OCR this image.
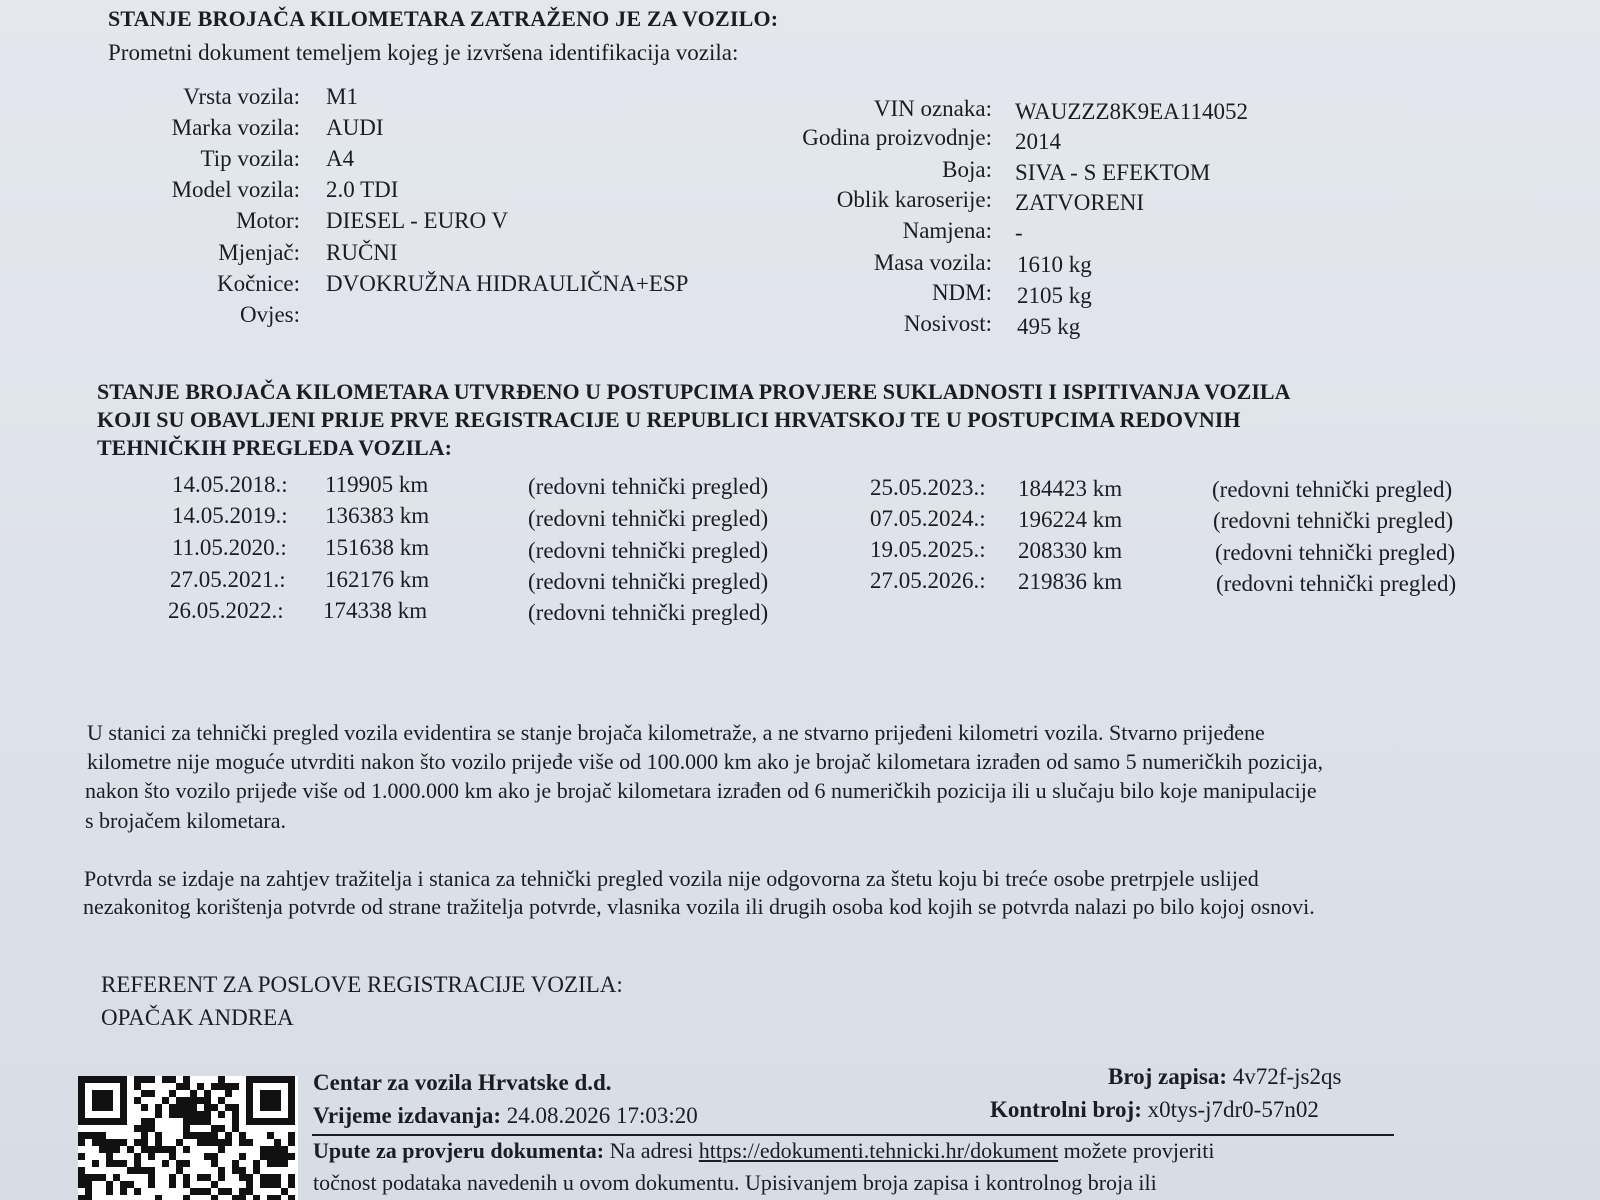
STANJE BROJAČA KILOMETARA ZATRAŽENO JE ZA VOZILO:
Prometni dokument temeljem kojeg je izvršena identifikacija vozila:
Vrsta vozila: M1
Marka vozila: AUDI
Tip vozila: A4
Model vozila: 2.0 TDI
Motor: DIESEL - EURO V
Mjenjač: RUČNI
Kočnice: DVOKRUŽNA HIDRAULIČNA+ESP
Ovjes:
VIN oznaka: WAUZZZ8K9EA114052
Godina proizvodnje: 2014
Boja: SIVA - S EFEKTOM
Oblik karoserije: ZATVORENI
Namjena: -
Masa vozila: 1610 kg
NDM: 2105 kg
Nosivost: 495 kg
STANJE BROJAČA KILOMETARA UTVRĐENO U POSTUPCIMA PROVJERE SUKLADNOSTI I ISPITIVANJA VOZILA
KOJI SU OBAVLJENI PRIJE PRVE REGISTRACIJE U REPUBLICI HRVATSKOJ TE U POSTUPCIMA REDOVNIH
TEHNIČKIH PREGLEDA VOZILA:
14.05.2018.: 119905 km	(redovni tehnički pregled)
14.05.2019.: 136383 km	(redovni tehnički pregled)
11.05.2020.: 151638 km	(redovni tehnički pregled)
27.05.2021.: 162176 km	(redovni tehnički pregled)
26.05.2022.: 174338 km	(redovni tehnički pregled)
25.05.2023.: 184423 km	(redovni tehnički pregled)
07.05.2024.: 196224 km	(redovni tehnički pregled)
19.05.2025.: 208330 km	(redovni tehnički pregled)
27.05.2026.: 219836 km	(redovni tehnički pregled)
U stanici za tehnički pregled vozila evidentira se stanje brojača kilometraže, a ne stvarno prijeđeni kilometri vozila. Stvarno prijeđene
kilometre nije moguće utvrditi nakon što vozilo prijeđe više od 100.000 km ako je brojač kilometara izrađen od samo 5 numeričkih pozicija,
nakon što vozilo prijeđe više od 1.000.000 km ako je brojač kilometara izrađen od 6 numeričkih pozicija ili u slučaju bilo koje manipulacije
s brojačem kilometara.
Potvrda se izdaje na zahtjev tražitelja i stanica za tehnički pregled vozila nije odgovorna za štetu koju bi treće osobe pretrpjele uslijed
nezakonitog korištenja potvrde od strane tražitelja potvrde, vlasnika vozila ili drugih osoba kod kojih se potvrda nalazi po bilo kojoj osnovi.
REFERENT ZA POSLOVE REGISTRACIJE VOZILA:
OPAČAK ANDREA
Centar za vozila Hrvatske d.d.
Vrijeme izdavanja: 24.08.2026 17:03:20
Broj zapisa: 4v72f-js2qs
Kontrolni broj: x0tys-j7dr0-57n02
Upute za provjeru dokumenta: Na adresi https://edokumenti.tehnicki.hr/dokument možete provjeriti
točnost podataka navedenih u ovom dokumentu. Upisivanjem broja zapisa i kontrolnog broja ili
